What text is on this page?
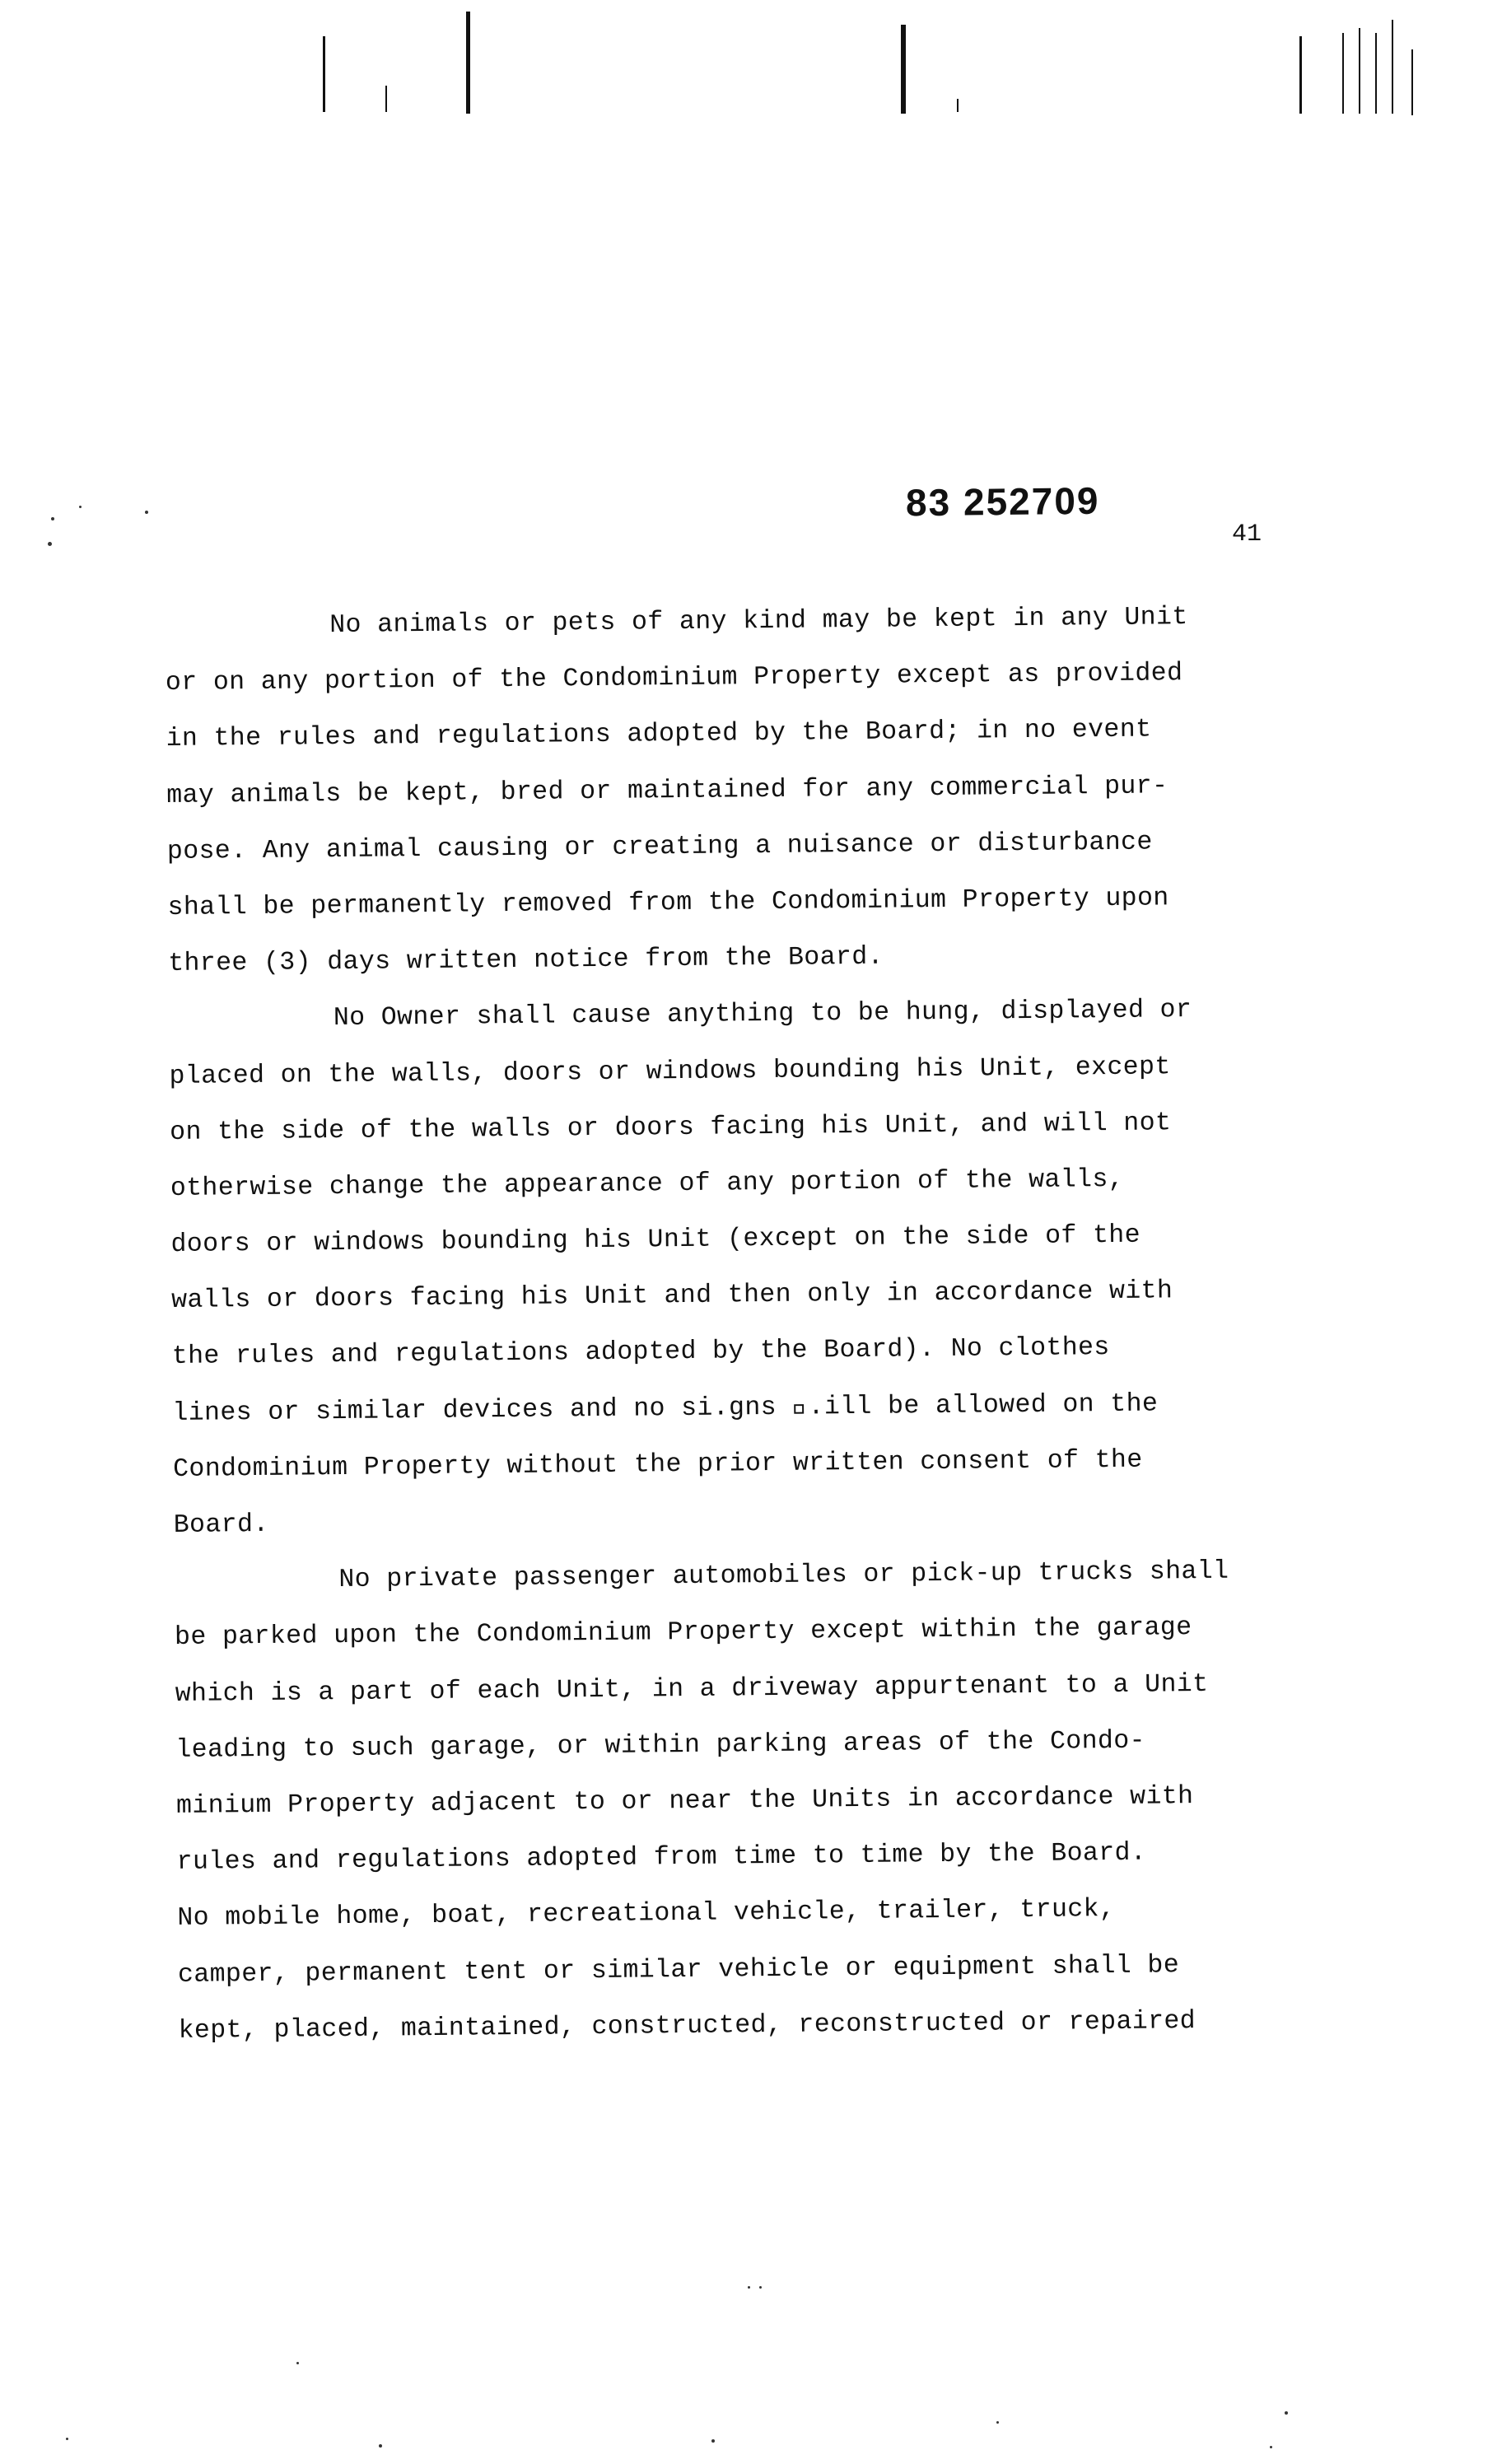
83 252709
41
No animals or pets of any kind may be kept in any Unit
or on any portion of the Condominium Property except as provided
in the rules and regulations adopted by the Board; in no event
may animals be kept, bred or maintained for any commercial pur-
pose. Any animal causing or creating a nuisance or disturbance
shall be permanently removed from the Condominium Property upon
three (3) days written notice from the Board.
No Owner shall cause anything to be hung, displayed or
placed on the walls, doors or windows bounding his Unit, except
on the side of the walls or doors facing his Unit, and will not
otherwise change the appearance of any portion of the walls,
doors or windows bounding his Unit (except on the side of the
walls or doors facing his Unit and then only in accordance with
the rules and regulations adopted by the Board). No clothes
lines or similar devices and no si.gns  .ill be allowed on the
Condominium Property without the prior written consent of the
Board.
No private passenger automobiles or pick-up trucks shall
be parked upon the Condominium Property except within the garage
which is a part of each Unit, in a driveway appurtenant to a Unit
leading to such garage, or within parking areas of the Condo-
minium Property adjacent to or near the Units in accordance with
rules and regulations adopted from time to time by the Board.
No mobile home, boat, recreational vehicle, trailer, truck,
camper, permanent tent or similar vehicle or equipment shall be
kept, placed, maintained, constructed, reconstructed or repaired
